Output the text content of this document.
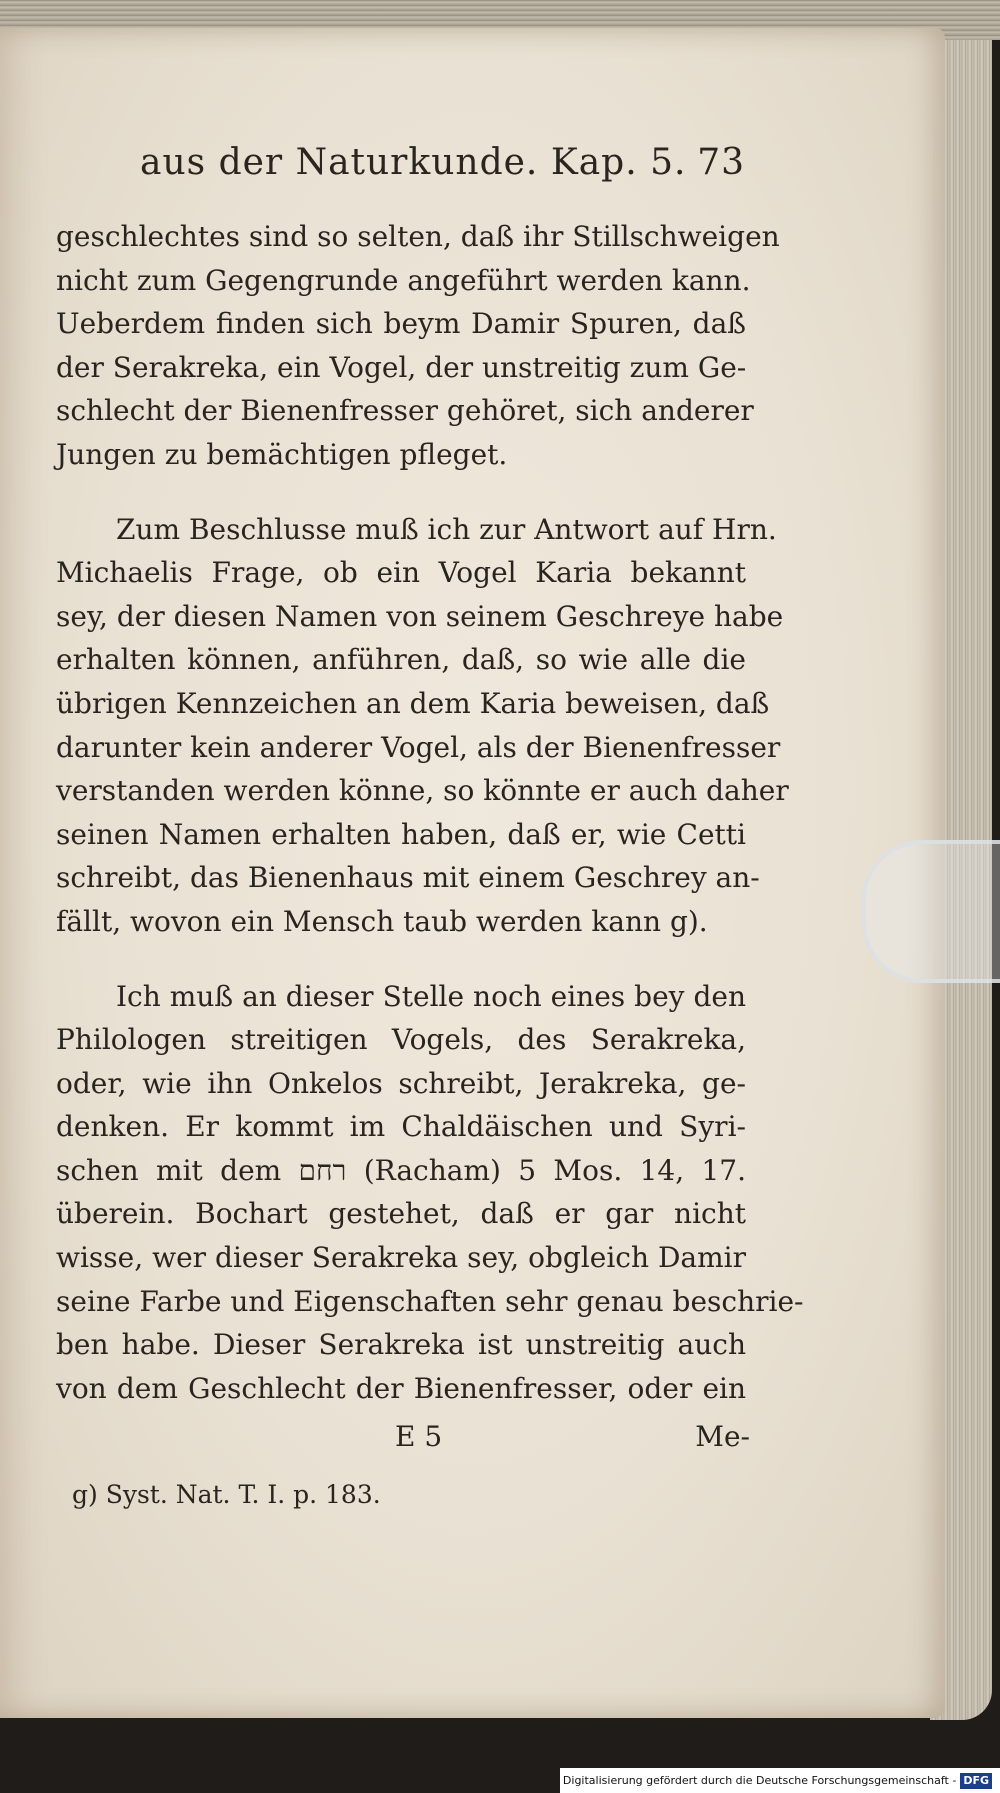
aus der Naturkunde. Kap. 5. 73
geschlechtes sind so selten, daß ihr Stillschweigen
nicht zum Gegengrunde angeführt werden kann.
Ueberdem finden sich beym Damir Spuren, daß
der Serakreka, ein Vogel, der unstreitig zum Ge-
schlecht der Bienenfresser gehöret, sich anderer
Jungen zu bemächtigen pfleget.
Zum Beschlusse muß ich zur Antwort auf Hrn.
Michaelis Frage, ob ein Vogel Karia bekannt
sey, der diesen Namen von seinem Geschreye habe
erhalten können, anführen, daß, so wie alle die
übrigen Kennzeichen an dem Karia beweisen, daß
darunter kein anderer Vogel, als der Bienenfresser
verstanden werden könne, so könnte er auch daher
seinen Namen erhalten haben, daß er, wie Cetti
schreibt, das Bienenhaus mit einem Geschrey an-
fällt, wovon ein Mensch taub werden kann g).
Ich muß an dieser Stelle noch eines bey den
Philologen streitigen Vogels, des Serakreka,
oder, wie ihn Onkelos schreibt, Jerakreka, ge-
denken. Er kommt im Chaldäischen und Syri-
schen mit dem רחם (Racham) 5 Mos. 14, 17.
überein. Bochart gestehet, daß er gar nicht
wisse, wer dieser Serakreka sey, obgleich Damir
seine Farbe und Eigenschaften sehr genau beschrie-
ben habe. Dieser Serakreka ist unstreitig auch
von dem Geschlecht der Bienenfresser, oder ein
E 5	Me-
g) Syst. Nat. T. I. p. 183.
Digitalisierung gefördert durch die Deutsche Forschungsgemeinschaft - DFG
